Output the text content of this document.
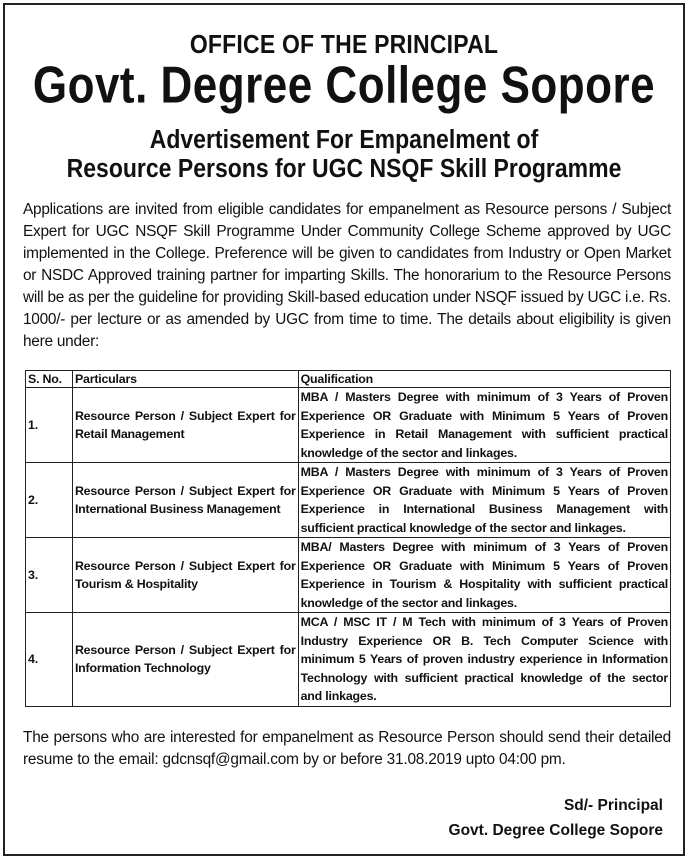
OFFICE OF THE PRINCIPAL
Govt. Degree College Sopore
Advertisement For Empanelment of
Resource Persons for UGC NSQF Skill Programme

Applications are invited from eligible candidates for empanelment as Resource persons / Subject Expert for UGC NSQF Skill Programme Under Community College Scheme approved by UGC implemented in the College. Preference will be given to candidates from Industry or Open Market or NSDC Approved training partner for imparting Skills. The honorarium to the Resource Persons will be as per the guideline for providing Skill-based education under NSQF issued by UGC i.e. Rs. 1000/- per lecture or as amended by UGC from time to time. The details about eligibility is given here under:

S. No.	Particulars	Qualification
1.	Resource Person / Subject Expert for Retail Management	MBA / Masters Degree with minimum of 3 Years of Proven Experience OR Graduate with Minimum 5 Years of Proven Experience in Retail Management with sufficient practical knowledge of the sector and linkages.
2.	Resource Person / Subject Expert for International Business Management	MBA / Masters Degree with minimum of 3 Years of Proven Experience OR Graduate with Minimum 5 Years of Proven Experience in International Business Management with sufficient practical knowledge of the sector and linkages.
3.	Resource Person / Subject Expert for Tourism & Hospitality	MBA/ Masters Degree with minimum of 3 Years of Proven Experience OR Graduate with Minimum 5 Years of Proven Experience in Tourism & Hospitality with sufficient practical knowledge of the sector and linkages.
4.	Resource Person / Subject Expert for Information Technology	MCA / MSC IT / M Tech with minimum of 3 Years of Proven Industry Experience OR B. Tech Computer Science with minimum 5 Years of proven industry experience in Information Technology with sufficient practical knowledge of the sector and linkages.

The persons who are interested for empanelment as Resource Person should send their detailed resume to the email: gdcnsqf@gmail.com by or before 31.08.2019 upto 04:00 pm.

Sd/- Principal
Govt. Degree College Sopore
